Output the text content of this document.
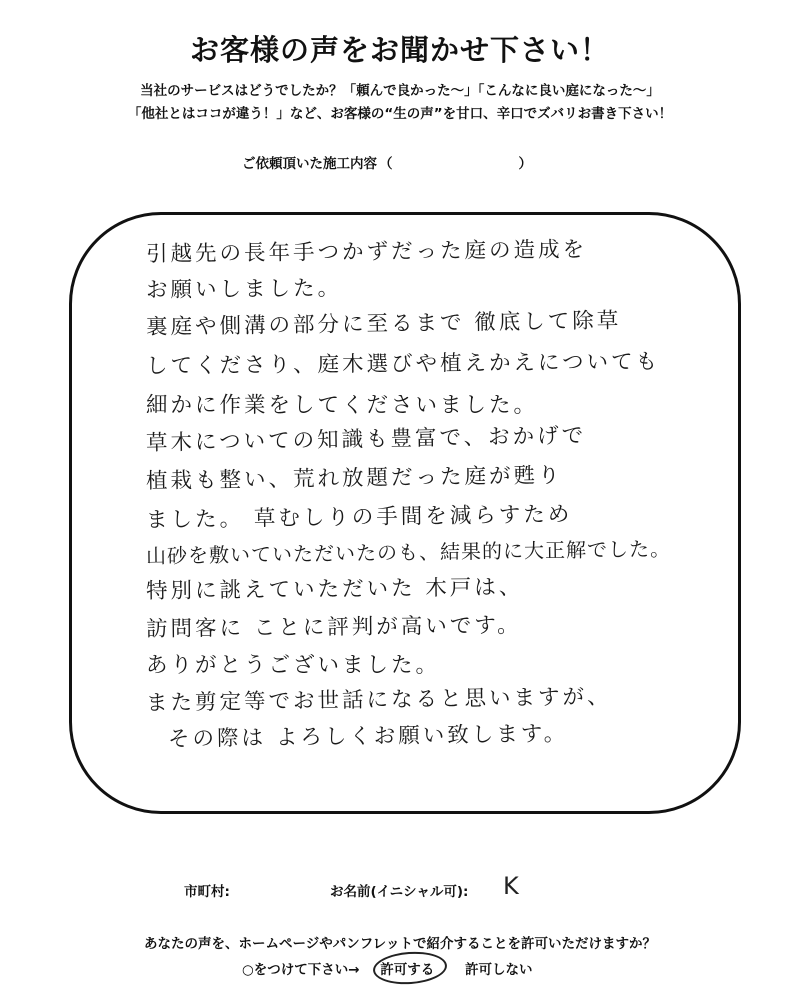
お客様の声をお聞かせ下さい！
当社のサービスはどうでしたか？「頼んで良かった〜」「こんなに良い庭になった〜」
「他社とはココが違う！」など、お客様の“生の声”を甘口、辛口でズバリお書き下さい！
ご依頼頂いた施工内容 （	）
引越先の長年手つかずだった庭の造成を
お願いしました。
裏庭や側溝の部分に至るまで 徹底して除草
してくださり、庭木選びや植えかえについても
細かに作業をしてくださいました。
草木についての知識も豊富で、おかげで
植栽も整い、荒れ放題だった庭が甦り
ました。 草むしりの手間を減らすため
山砂を敷いていただいたのも、結果的に大正解でした。
特別に誂えていただいた 木戸は、
訪問客に ことに評判が高いです。
ありがとうございました。
また剪定等でお世話になると思いますが、
その際は よろしくお願い致します。
市町村:	お名前(イニシャル可): K
あなたの声を、ホームページやパンフレットで紹介することを許可いただけますか？
○をつけて下さい→ 許可する 許可しない
